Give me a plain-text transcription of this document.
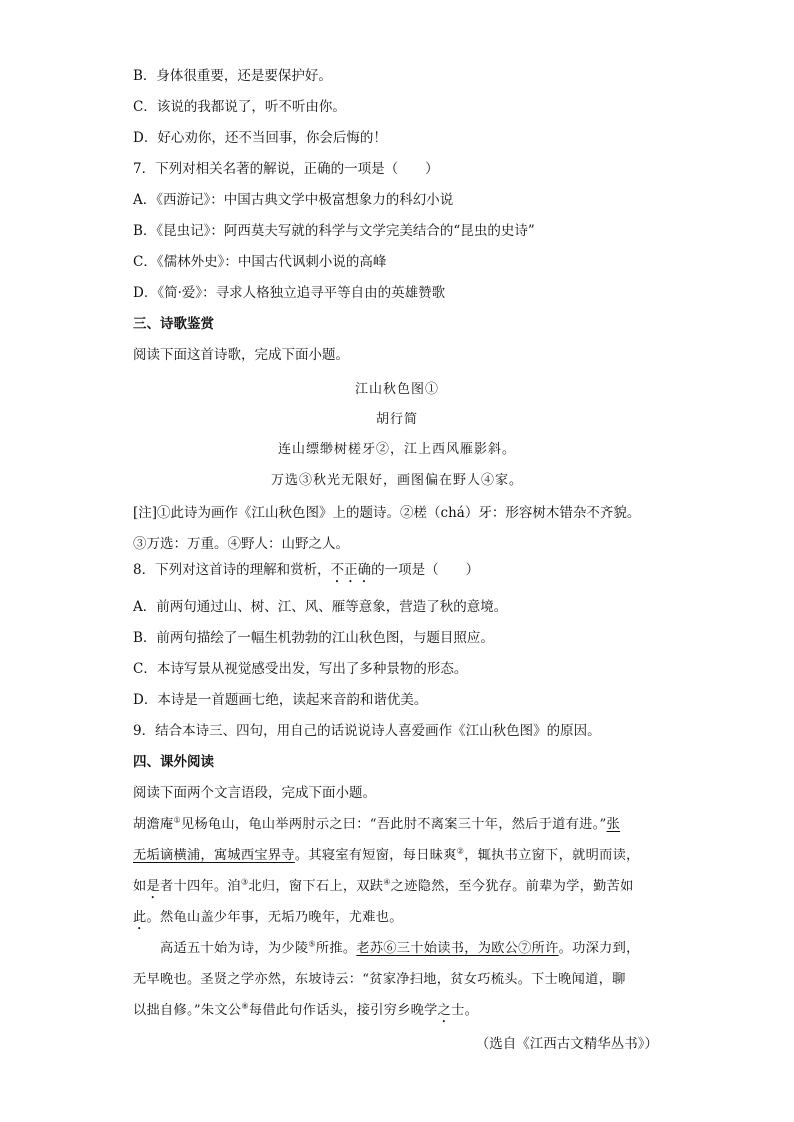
B．身体很重要，还是要保护好。
C．该说的我都说了，听不听由你。
D．好心劝你，还不当回事，你会后悔的！
7．下列对相关名著的解说，正确的一项是（　　）
A．《西游记》：中国古典文学中极富想象力的科幻小说
B．《昆虫记》：阿西莫夫写就的科学与文学完美结合的“昆虫的史诗”
C．《儒林外史》：中国古代讽刺小说的高峰
D．《简·爱》：寻求人格独立追寻平等自由的英雄赞歌
三、诗歌鉴赏
阅读下面这首诗歌，完成下面小题。
江山秋色图①
胡行简
连山缥缈树槎牙②，江上西风雁影斜。
万选③秋光无限好，画图偏在野人④家。
[注]①此诗为画作《江山秋色图》上的题诗。②槎（chá）牙：形容树木错杂不齐貌。
③万选：万重。④野人：山野之人。
8．下列对这首诗的理解和赏析，不正确的一项是（　　）
A．前两句通过山、树、江、风、雁等意象，营造了秋的意境。
B．前两句描绘了一幅生机勃勃的江山秋色图，与题目照应。
C．本诗写景从视觉感受出发，写出了多种景物的形态。
D．本诗是一首题画七绝，读起来音韵和谐优美。
9．结合本诗三、四句，用自己的话说说诗人喜爱画作《江山秋色图》的原因。
四、课外阅读
阅读下面两个文言语段，完成下面小题。
胡澹庵①见杨龟山，龟山举两肘示之曰：“吾此肘不离案三十年，然后于道有进。”张
无垢谪横浦，寓城西宝界寺。其寝室有短窗，每日昧爽②，辄执书立窗下，就明而读，
如是者十四年。洎③北归，窗下石上，双趺④之迹隐然，至今犹存。前辈为学，勤苦如
此。然龟山盖少年事，无垢乃晚年，尤难也。
高适五十始为诗，为少陵⑤所推。老苏⑥三十始读书，为欧公⑦所许。功深力到，
无早晚也。圣贤之学亦然，东坡诗云：“贫家净扫地，贫女巧梳头。下士晚闻道，聊
以拙自修。”朱文公⑧每借此句作话头，接引穷乡晚学之士。
（选自《江西古文精华丛书》）
